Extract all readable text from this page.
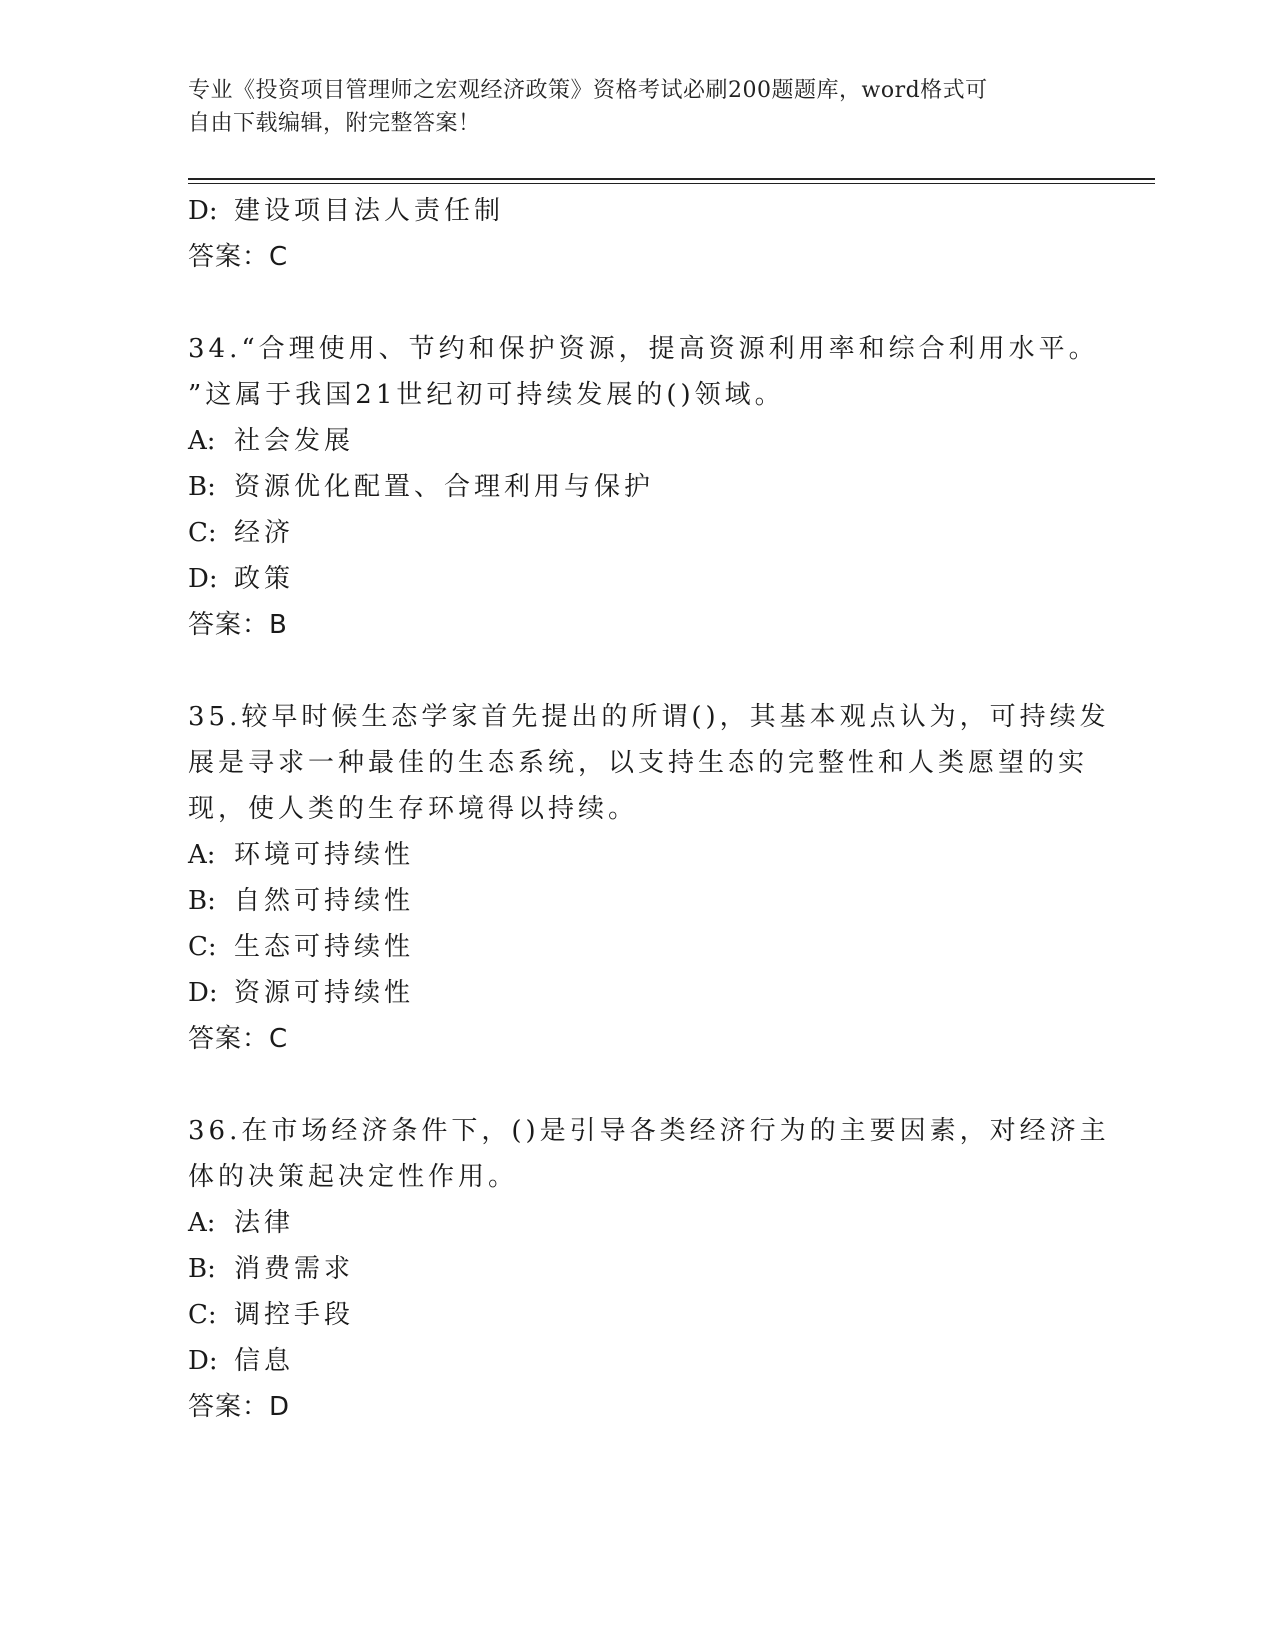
专业《投资项目管理师之宏观经济政策》资格考试必刷200题题库，word格式可
自由下载编辑，附完整答案！
D: 建设项目法人责任制
答案：C
34.“合理使用、节约和保护资源，提高资源利用率和综合利用水平。
”这属于我国21世纪初可持续发展的()领域。
A: 社会发展
B: 资源优化配置、合理利用与保护
C: 经济
D: 政策
答案：B
35.较早时候生态学家首先提出的所谓()，其基本观点认为，可持续发
展是寻求一种最佳的生态系统，以支持生态的完整性和人类愿望的实
现，使人类的生存环境得以持续。
A: 环境可持续性
B: 自然可持续性
C: 生态可持续性
D: 资源可持续性
答案：C
36.在市场经济条件下，()是引导各类经济行为的主要因素，对经济主
体的决策起决定性作用。
A: 法律
B: 消费需求
C: 调控手段
D: 信息
答案：D
